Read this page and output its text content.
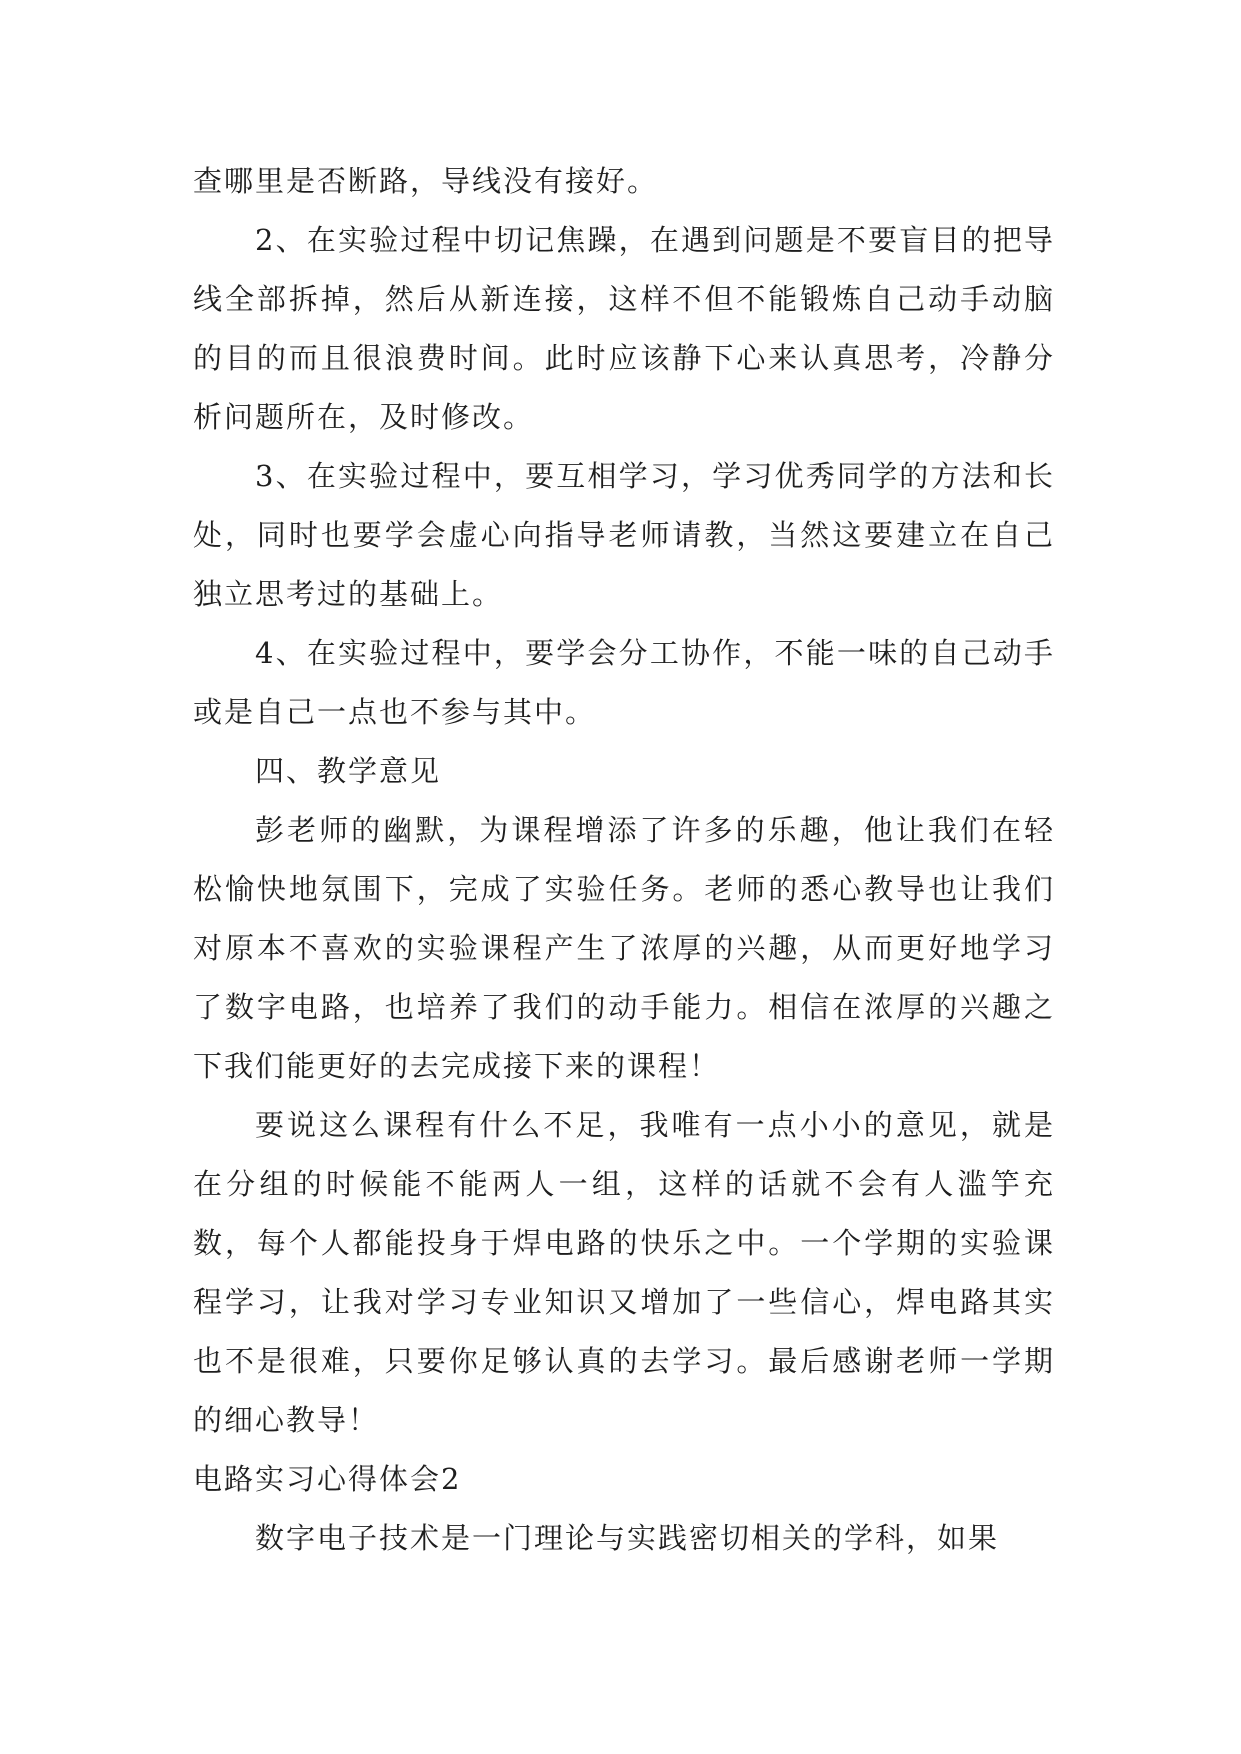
查哪里是否断路，导线没有接好。

2、在实验过程中切记焦躁，在遇到问题是不要盲目的把导线全部拆掉，然后从新连接，这样不但不能锻炼自己动手动脑的目的而且很浪费时间。此时应该静下心来认真思考，冷静分析问题所在，及时修改。

3、在实验过程中，要互相学习，学习优秀同学的方法和长处，同时也要学会虚心向指导老师请教，当然这要建立在自己独立思考过的基础上。

4、在实验过程中，要学会分工协作，不能一味的自己动手或是自己一点也不参与其中。

四、教学意见

彭老师的幽默，为课程增添了许多的乐趣，他让我们在轻松愉快地氛围下，完成了实验任务。老师的悉心教导也让我们对原本不喜欢的实验课程产生了浓厚的兴趣，从而更好地学习了数字电路，也培养了我们的动手能力。相信在浓厚的兴趣之下我们能更好的去完成接下来的课程！

要说这么课程有什么不足，我唯有一点小小的意见，就是在分组的时候能不能两人一组，这样的话就不会有人滥竽充数，每个人都能投身于焊电路的快乐之中。一个学期的实验课程学习，让我对学习专业知识又增加了一些信心，焊电路其实也不是很难，只要你足够认真的去学习。最后感谢老师一学期的细心教导！

电路实习心得体会2

数字电子技术是一门理论与实践密切相关的学科，如果
